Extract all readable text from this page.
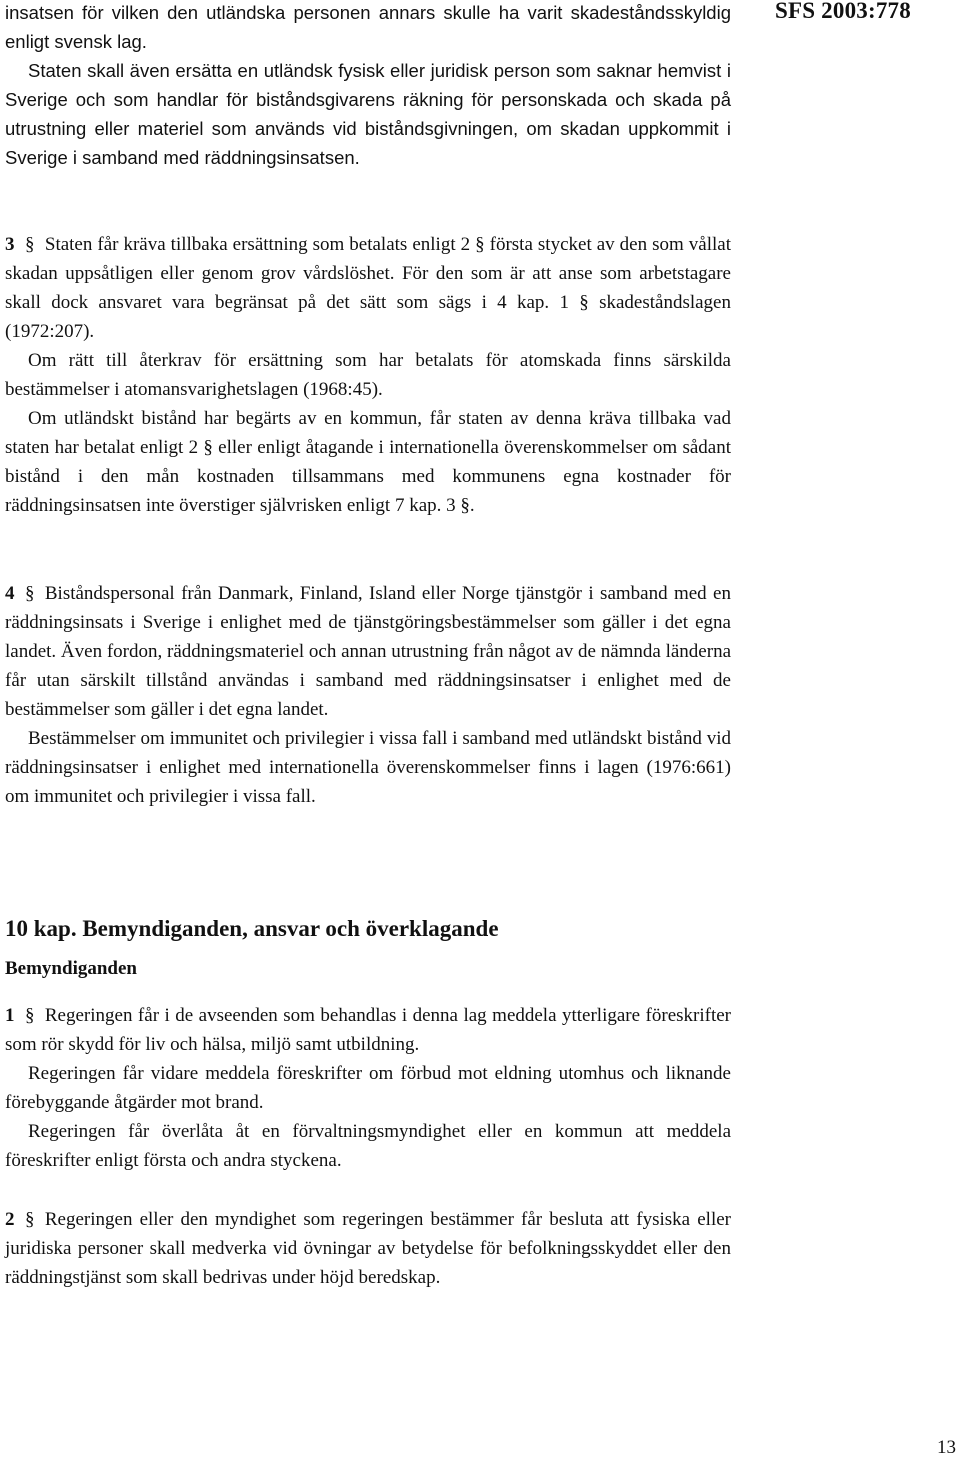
SFS 2003:778

insatsen för vilken den utländska personen annars skulle ha varit skadeståndsskyldig enligt svensk lag.

Staten skall även ersätta en utländsk fysisk eller juridisk person som saknar hemvist i Sverige och som handlar för biståndsgivarens räkning för personskada och skada på utrustning eller materiel som används vid biståndsgivningen, om skadan uppkommit i Sverige i samband med räddningsinsatsen.

3 § Staten får kräva tillbaka ersättning som betalats enligt 2 § första stycket av den som vållat skadan uppsåtligen eller genom grov vårdslöshet. För den som är att anse som arbetstagare skall dock ansvaret vara begränsat på det sätt som sägs i 4 kap. 1 § skadeståndslagen (1972:207).

Om rätt till återkrav för ersättning som har betalats för atomskada finns särskilda bestämmelser i atomansvarighetslagen (1968:45).

Om utländskt bistånd har begärts av en kommun, får staten av denna kräva tillbaka vad staten har betalat enligt 2 § eller enligt åtagande i internationella överenskommelser om sådant bistånd i den mån kostnaden tillsammans med kommunens egna kostnader för räddningsinsatsen inte överstiger självrisken enligt 7 kap. 3 §.

4 § Biståndspersonal från Danmark, Finland, Island eller Norge tjänstgör i samband med en räddningsinsats i Sverige i enlighet med de tjänstgöringsbestämmelser som gäller i det egna landet. Även fordon, räddningsmateriel och annan utrustning från något av de nämnda länderna får utan särskilt tillstånd användas i samband med räddningsinsatser i enlighet med de bestämmelser som gäller i det egna landet.

Bestämmelser om immunitet och privilegier i vissa fall i samband med utländskt bistånd vid räddningsinsatser i enlighet med internationella överenskommelser finns i lagen (1976:661) om immunitet och privilegier i vissa fall.

10 kap. Bemyndiganden, ansvar och överklagande
Bemyndiganden

1 § Regeringen får i de avseenden som behandlas i denna lag meddela ytterligare föreskrifter som rör skydd för liv och hälsa, miljö samt utbildning.

Regeringen får vidare meddela föreskrifter om förbud mot eldning utomhus och liknande förebyggande åtgärder mot brand.

Regeringen får överlåta åt en förvaltningsmyndighet eller en kommun att meddela föreskrifter enligt första och andra styckena.

2 § Regeringen eller den myndighet som regeringen bestämmer får besluta att fysiska eller juridiska personer skall medverka vid övningar av betydelse för befolkningsskyddet eller den räddningstjänst som skall bedrivas under höjd beredskap.

13
